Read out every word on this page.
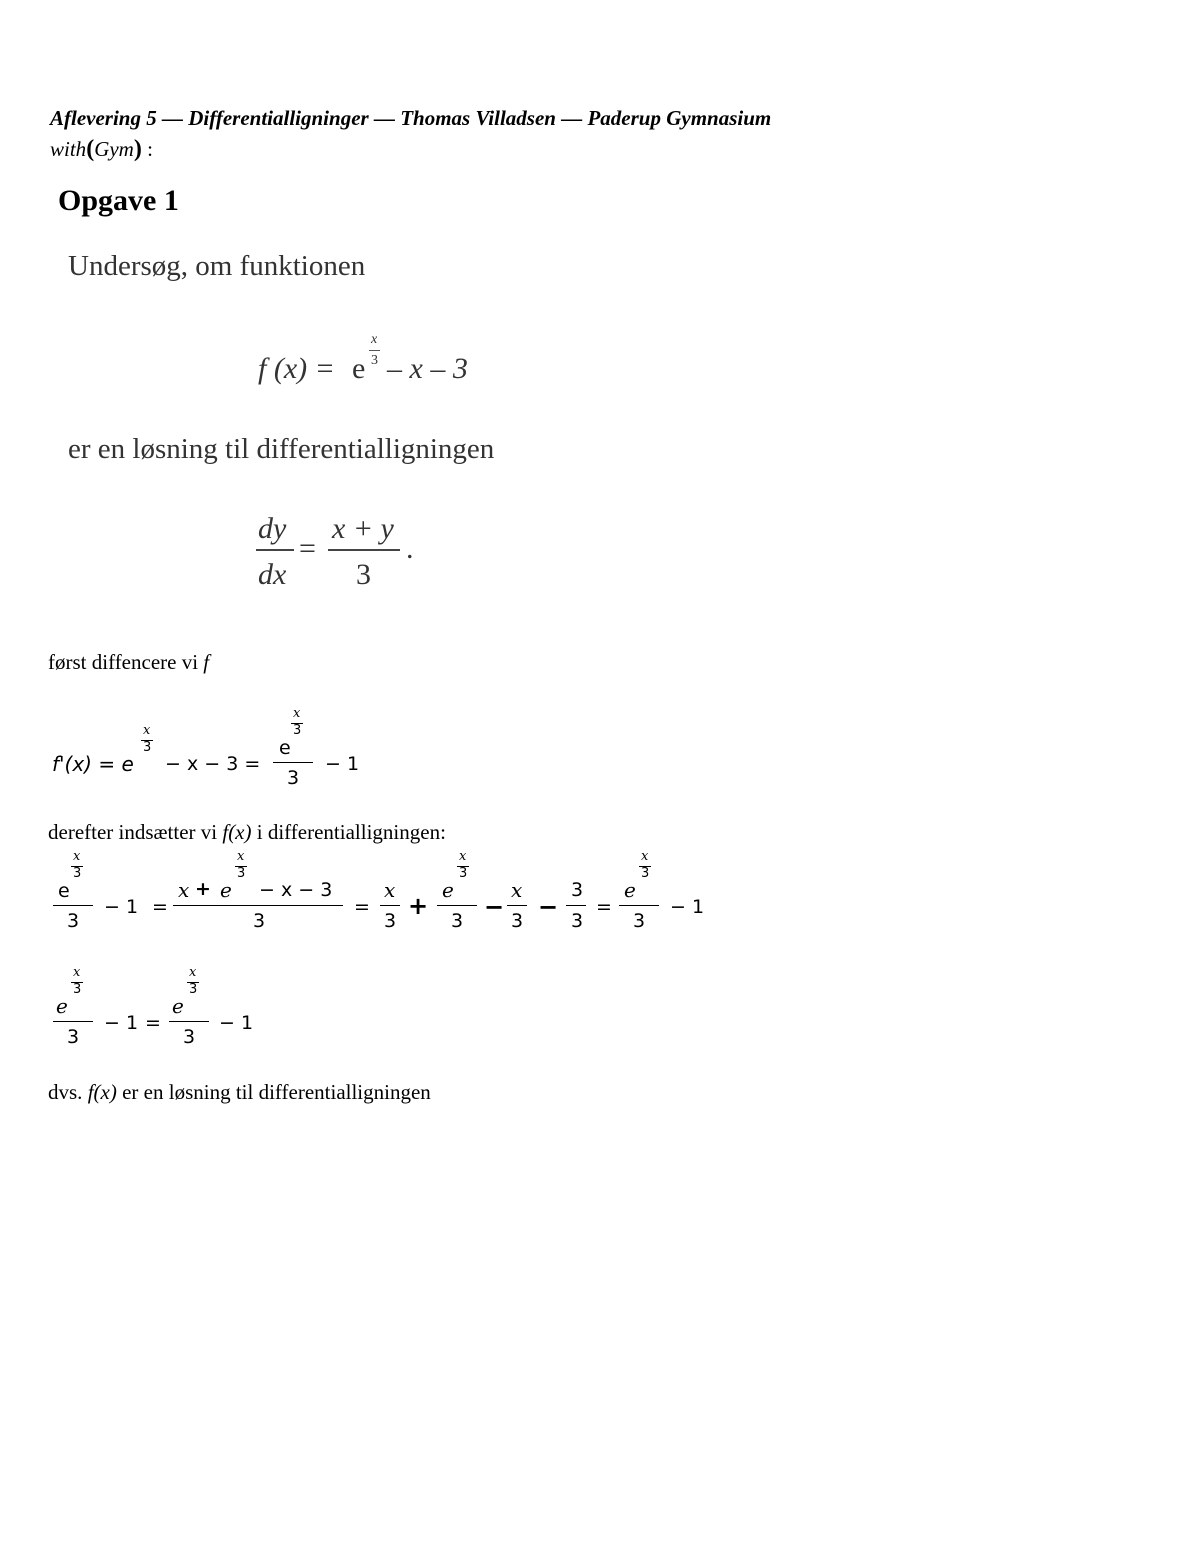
Aflevering 5 — Differentialligninger — Thomas Villadsen — Paderup Gymnasium
with(Gym) :
Opgave 1
Undersøg, om funktionen
f (x) = e
x
3 – x – 3
er en løsning til differentialligningen
dy
dx
=
x + y
3
.
først diffencere vi f
f'(x) = e
x
3
− x − 3 =
x
3
e
3
− 1
derefter indsætter vi f(x) i differentialligningen:
x
3
e
3
− 1 =
x + e
x
3
− x − 3
3
=
x
3
+
x
3
e
3 −
x
3 −
3
3
=
x
3
e
3
− 1
x
3
e
3
− 1 =
x
3
e
3
− 1
dvs. f(x) er en løsning til differentialligningen
